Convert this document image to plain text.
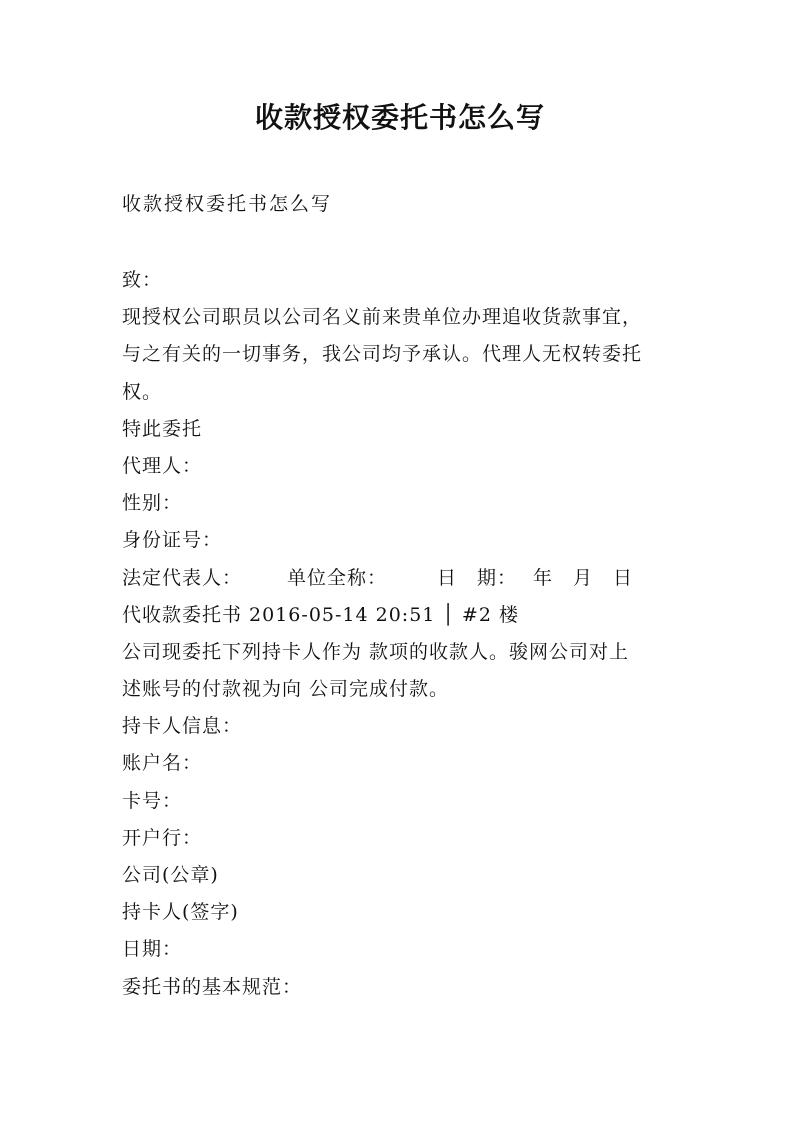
收款授权委托书怎么写
收款授权委托书怎么写
致：
现授权公司职员以公司名义前来贵单位办理追收货款事宜，
与之有关的一切事务，我公司均予承认。代理人无权转委托
权。
特此委托
代理人：
性别：
身份证号：
法定代表人： 单位全称：	日　期： 年　月　日
代收款委托书 2016-05-14 20:51 │ #2 楼
公司现委托下列持卡人作为 款项的收款人。骏网公司对上
述账号的付款视为向 公司完成付款。
持卡人信息：
账户名：
卡号：
开户行：
公司(公章)
持卡人(签字)
日期：
委托书的基本规范：
